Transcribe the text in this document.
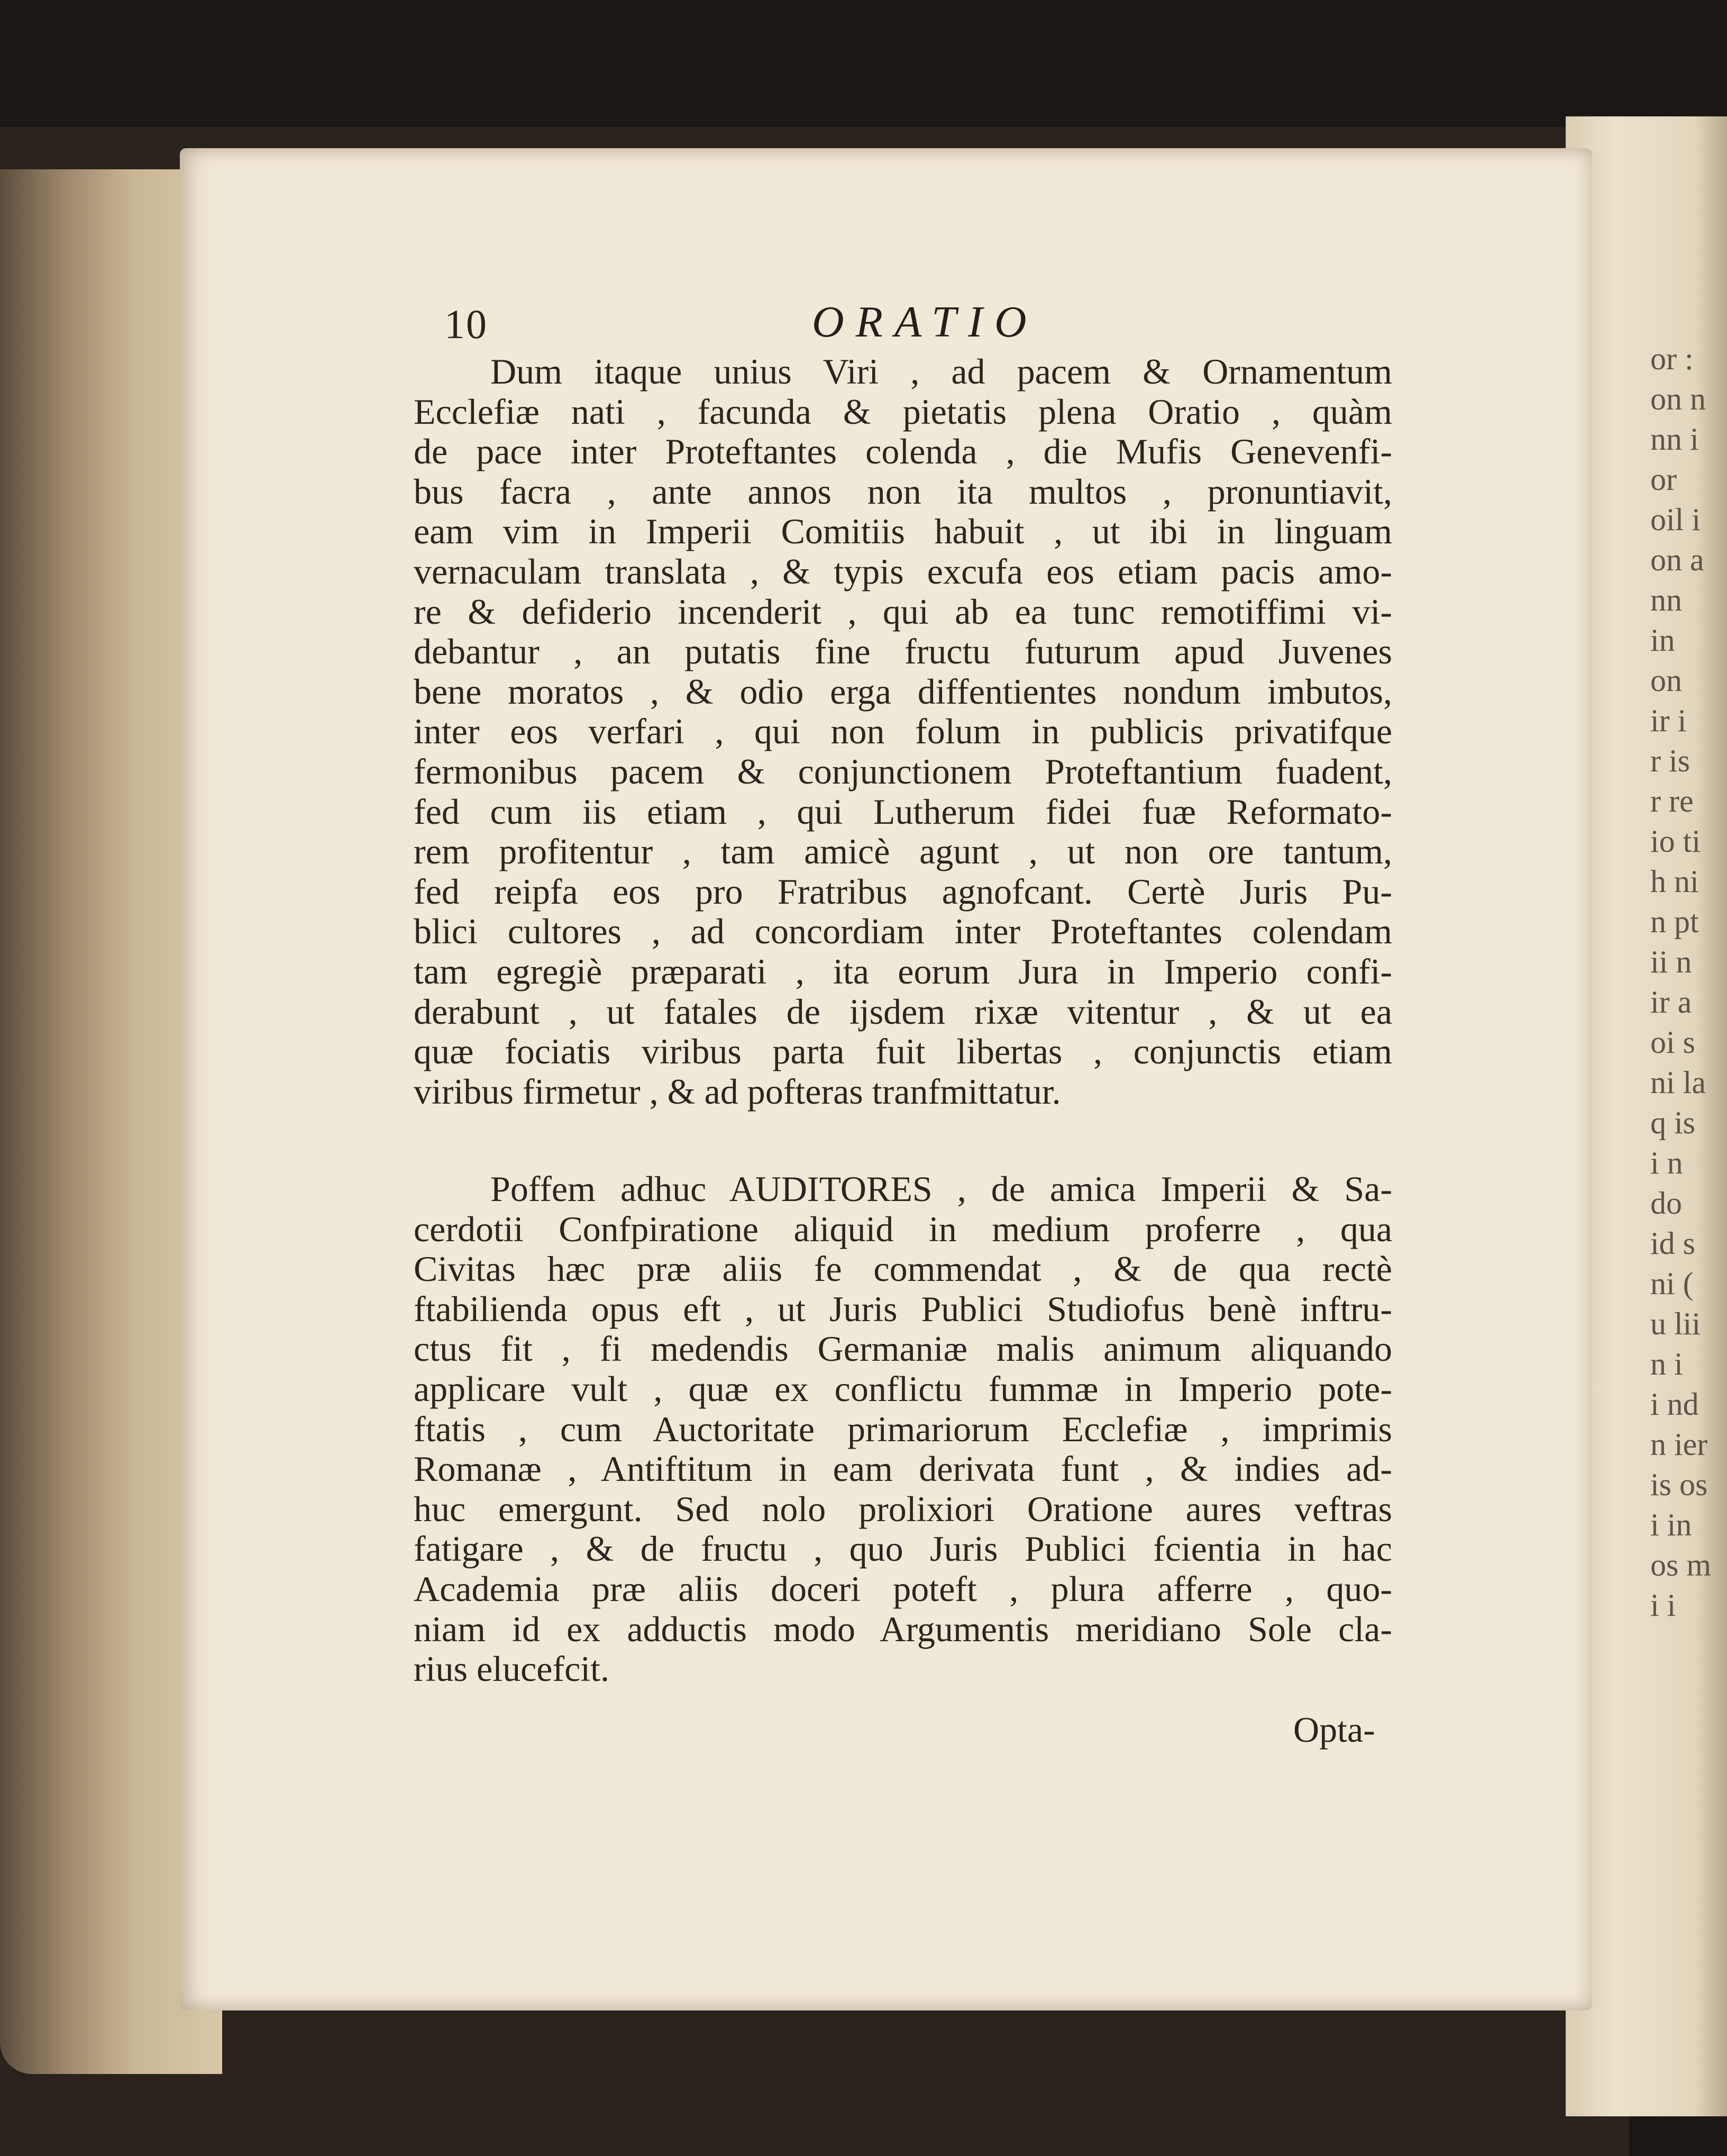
or :
on n
nn i
or
oil i
on a
nn
in
on
ir i
r is
r re
io ti
h ni
n pt
ii n
ir a
oi s
ni la
q is
i n
do
id s
ni (
u lii
n i
i nd
n ier
is os
i in
os m
i i
10	ORATIO
Dum itaque unius Viri , ad pacem & Ornamentum
Ecclefiæ nati , facunda & pietatis plena Oratio , quàm
de pace inter Proteftantes colenda , die Mufis Genevenfi-
bus facra , ante annos non ita multos , pronuntiavit,
eam vim in Imperii Comitiis habuit , ut ibi in linguam
vernaculam translata , & typis excufa eos etiam pacis amo-
re & defiderio incenderit , qui ab ea tunc remotiffimi vi-
debantur , an putatis fine fructu futurum apud Juvenes
bene moratos , & odio erga diffentientes nondum imbutos,
inter eos verfari , qui non folum in publicis privatifque
fermonibus pacem & conjunctionem Proteftantium fuadent,
fed cum iis etiam , qui Lutherum fidei fuæ Reformato-
rem profitentur , tam amicè agunt , ut non ore tantum,
fed reipfa eos pro Fratribus agnofcant. Certè Juris Pu-
blici cultores , ad concordiam inter Proteftantes colendam
tam egregiè præparati , ita eorum Jura in Imperio confi-
derabunt , ut fatales de ijsdem rixæ vitentur , & ut ea
quæ fociatis viribus parta fuit libertas , conjunctis etiam
viribus firmetur , & ad pofteras tranfmittatur.
Poffem adhuc AUDITORES , de amica Imperii & Sa-
cerdotii Confpiratione aliquid in medium proferre , qua
Civitas hæc præ aliis fe commendat , & de qua rectè
ftabilienda opus eft , ut Juris Publici Studiofus benè inftru-
ctus fit , fi medendis Germaniæ malis animum aliquando
applicare vult , quæ ex conflictu fummæ in Imperio pote-
ftatis , cum Auctoritate primariorum Ecclefiæ , imprimis
Romanæ , Antiftitum in eam derivata funt , & indies ad-
huc emergunt. Sed nolo prolixiori Oratione aures veftras
fatigare , & de fructu , quo Juris Publici fcientia in hac
Academia præ aliis doceri poteft , plura afferre , quo-
niam id ex adductis modo Argumentis meridiano Sole cla-
rius elucefcit.
Opta-
